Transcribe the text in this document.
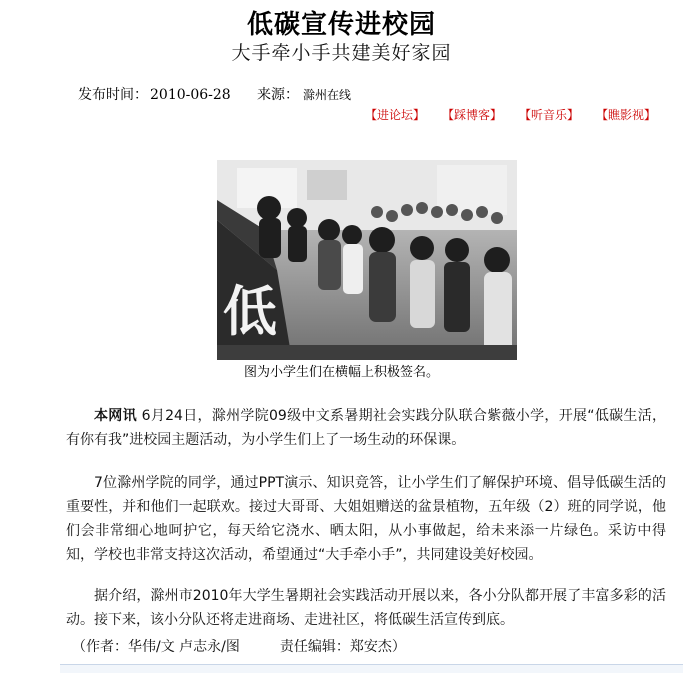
低碳宣传进校园
大手牵小手共建美好家园
发布时间： 2010-06-28 来源： 滁州在线
【进论坛】 【踩博客】 【听音乐】 【瞧影视】
低
图为小学生们在横幅上积极签名。
本网讯 6月24日，滁州学院09级中文系暑期社会实践分队联合紫薇小学，开展“低碳生活，有你有我”进校园主题活动，为小学生们上了一场生动的环保课。
7位滁州学院的同学，通过PPT演示、知识竞答，让小学生们了解保护环境、倡导低碳生活的重要性，并和他们一起联欢。接过大哥哥、大姐姐赠送的盆景植物，五年级（2）班的同学说，他们会非常细心地呵护它，每天给它浇水、晒太阳，从小事做起，给未来添一片绿色。采访中得知，学校也非常支持这次活动，希望通过“大手牵小手”，共同建设美好校园。
据介绍，滁州市2010年大学生暑期社会实践活动开展以来，各小分队都开展了丰富多彩的活动。接下来，该小分队还将走进商场、走进社区，将低碳生活宣传到底。
（作者：华伟/文 卢志永/图	责任编辑：郑安杰）
